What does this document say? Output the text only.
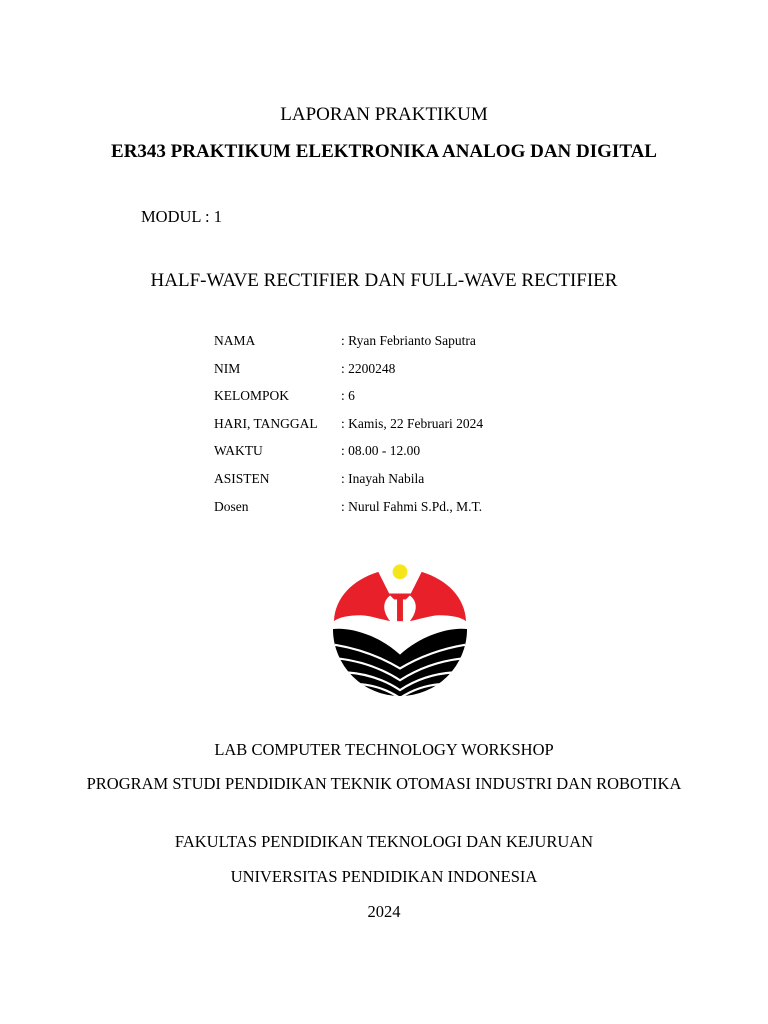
LAPORAN PRAKTIKUM
ER343 PRAKTIKUM ELEKTRONIKA ANALOG DAN DIGITAL
MODUL : 1
HALF-WAVE RECTIFIER DAN FULL-WAVE RECTIFIER
NAMA	: Ryan Febrianto Saputra
NIM	: 2200248
KELOMPOK	: 6
HARI, TANGGAL	: Kamis, 22 Februari 2024
WAKTU	: 08.00 - 12.00
ASISTEN	: Inayah Nabila
Dosen	: Nurul Fahmi S.Pd., M.T.
LAB COMPUTER TECHNOLOGY WORKSHOP
PROGRAM STUDI PENDIDIKAN TEKNIK OTOMASI INDUSTRI DAN ROBOTIKA
FAKULTAS PENDIDIKAN TEKNOLOGI DAN KEJURUAN
UNIVERSITAS PENDIDIKAN INDONESIA
2024
